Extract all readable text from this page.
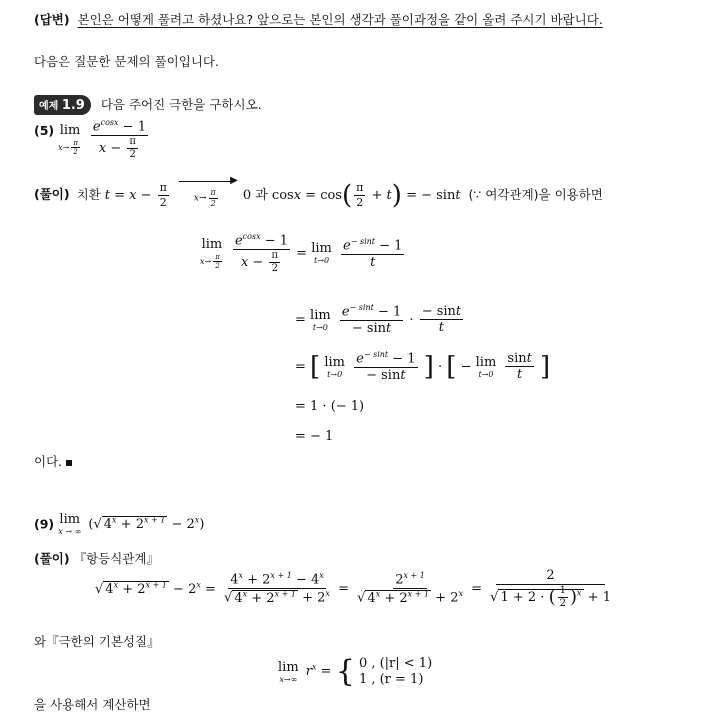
(답변) 본인은 어떻게 풀려고 하셨나요? 앞으로는 본인의 생각과 풀이과정을 같이 올려 주시기 바랍니다.
다음은 질문한 문제의 풀이입니다.
예제 1.9 다음 주어진 극한을 구하시오.
(5) lim
$x\to \frac{\pi}{2}$
$\frac{e^{cosx} - 1}{x - \frac{\pi}{2}}$
(풀이) 치환 $t = x - \frac{\pi}{2}$

▶
$x\to \frac{\pi}{2} 0$ 과 $\cos x = \cos( \frac{\pi}{2} + t)$ = − sint (∵ 여각관계)을 이용하면
lim
$x\to \frac{\pi}{2}$
$\frac{e^{cosx} - 1}{x - \frac{\pi}{2}} = \lim$
t→0
$\frac{e^{- sint} - 1}{t}$
= lim
t→0
$\frac{e^{- sint} - 1}{- \sin t} \cdot \frac{- \sin t}{t}$
= [ lim
t→0
$\frac{e^{- sint} - 1}{- \sin t}$ ] · [ − lim
t→0
$\frac{\sin t}{t}$ ]
= 1 · (− 1)
= − 1
이다.
(9) lim
x → ∞ (√ $4^x + 2^{x + 1} - 2^x$)
(풀이) 『항등식관계』
√ $4^x + 2^{x + 1} - 2^x = \frac{4^x + 2^{x + 1} - 4^x}{√ 4^x + 2^{x + 1} + 2^x} = \frac{2^{x + 1}}{√ 4^x + 2^{x + 1} + 2^x} = \frac{2}{√ 1 + 2 \cdot ( \frac{1}{2} )^x + 1}$
와『극한의 기본성질』
lim
x→∞ $r^x$ = { 0 , (|r| < 1)
1 , (r = 1)
을 사용해서 계산하면
